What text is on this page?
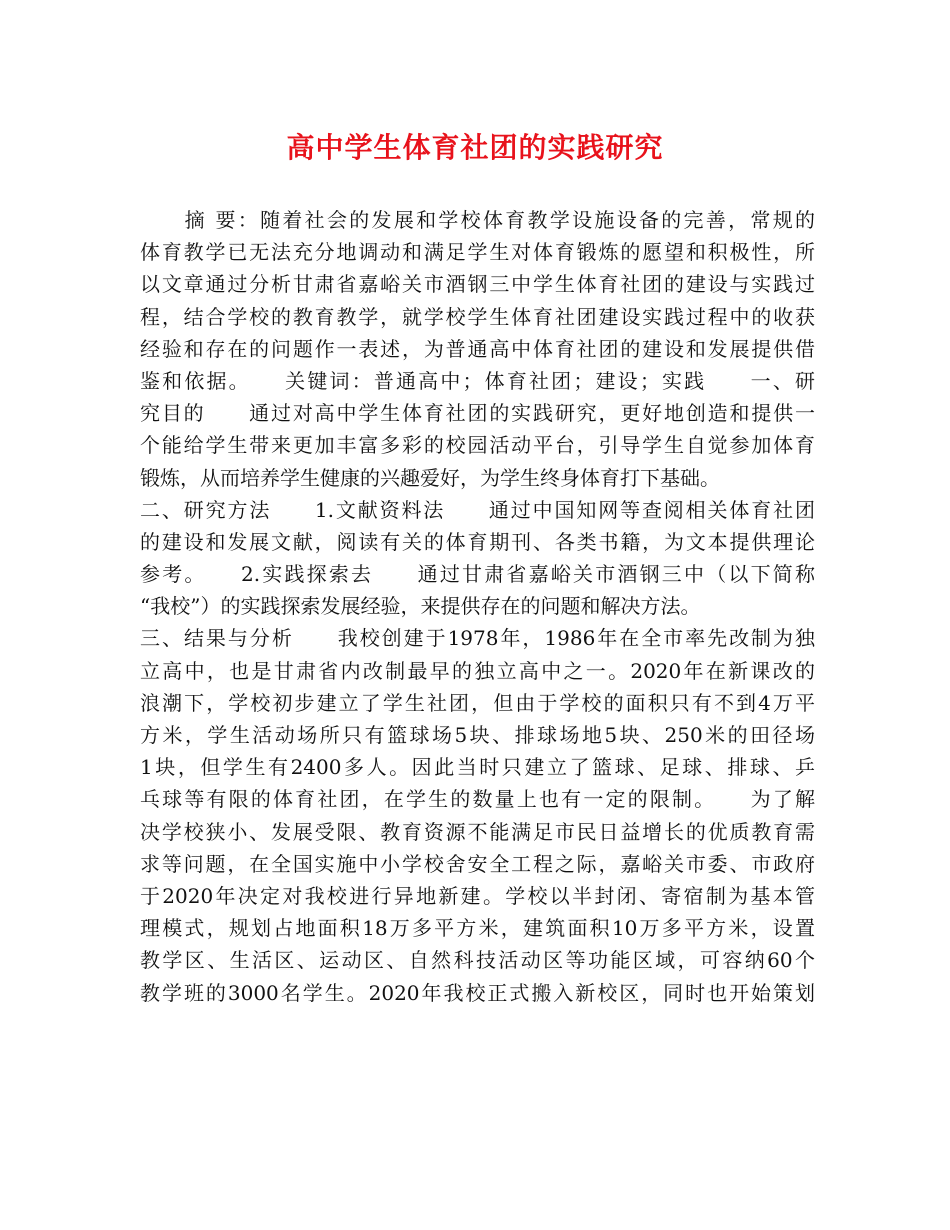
高中学生体育社团的实践研究
　　摘 要：随着社会的发展和学校体育教学设施设备的完善，常规的
体育教学已无法充分地调动和满足学生对体育锻炼的愿望和积极性，所
以文章通过分析甘肃省嘉峪关市酒钢三中学生体育社团的建设与实践过
程，结合学校的教育教学，就学校学生体育社团建设实践过程中的收获
经验和存在的问题作一表述，为普通高中体育社团的建设和发展提供借
鉴和依据。　　关键词：普通高中；体育社团；建设；实践　　一、研
究目的　　通过对高中学生体育社团的实践研究，更好地创造和提供一
个能给学生带来更加丰富多彩的校园活动平台，引导学生自觉参加体育
锻炼，从而培养学生健康的兴趣爱好，为学生终身体育打下基础。
二、研究方法　　1.文献资料法　　通过中国知网等查阅相关体育社团
的建设和发展文献，阅读有关的体育期刊、各类书籍，为文本提供理论
参考。　　2.实践探索去　　通过甘肃省嘉峪关市酒钢三中（以下简称
“我校”）的实践探索发展经验，来提供存在的问题和解决方法。
三、结果与分析　　我校创建于1978年，1986年在全市率先改制为独
立高中，也是甘肃省内改制最早的独立高中之一。2020年在新课改的
浪潮下，学校初步建立了学生社团，但由于学校的面积只有不到4万平
方米，学生活动场所只有篮球场5块、排球场地5块、250米的田径场
1块，但学生有2400多人。因此当时只建立了篮球、足球、排球、乒
乓球等有限的体育社团，在学生的数量上也有一定的限制。　　为了解
决学校狭小、发展受限、教育资源不能满足市民日益增长的优质教育需
求等问题，在全国实施中小学校舍安全工程之际，嘉峪关市委、市政府
于2020年决定对我校进行异地新建。学校以半封闭、寄宿制为基本管
理模式，规划占地面积18万多平方米，建筑面积10万多平方米，设置
教学区、生活区、运动区、自然科技活动区等功能区域，可容纳60个
教学班的3000名学生。2020年我校正式搬入新校区，同时也开始策划
